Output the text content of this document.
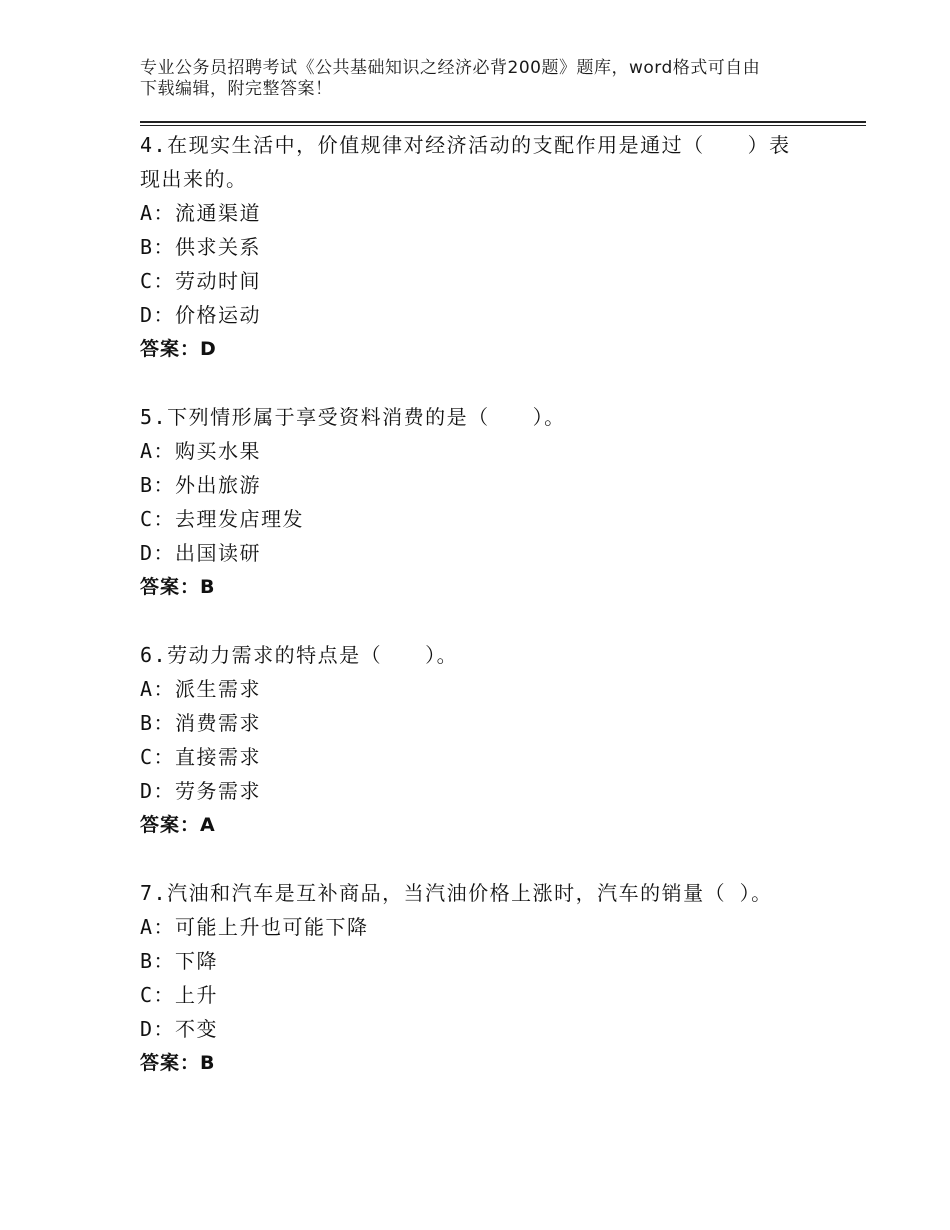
专业公务员招聘考试《公共基础知识之经济必背200题》题库，word格式可自由
下载编辑，附完整答案！

4.在现实生活中，价值规律对经济活动的支配作用是通过（　　）表

现出来的。

A：流通渠道

B：供求关系

C：劳动时间

D：价格运动

答案：D

5.下列情形属于享受资料消费的是（　　）。

A：购买水果

B：外出旅游

C：去理发店理发

D：出国读研

答案：B

6.劳动力需求的特点是（　　）。

A：派生需求

B：消费需求

C：直接需求

D：劳务需求

答案：A

7.汽油和汽车是互补商品，当汽油价格上涨时，汽车的销量（ ）。

A：可能上升也可能下降

B：下降

C：上升

D：不变

答案：B
